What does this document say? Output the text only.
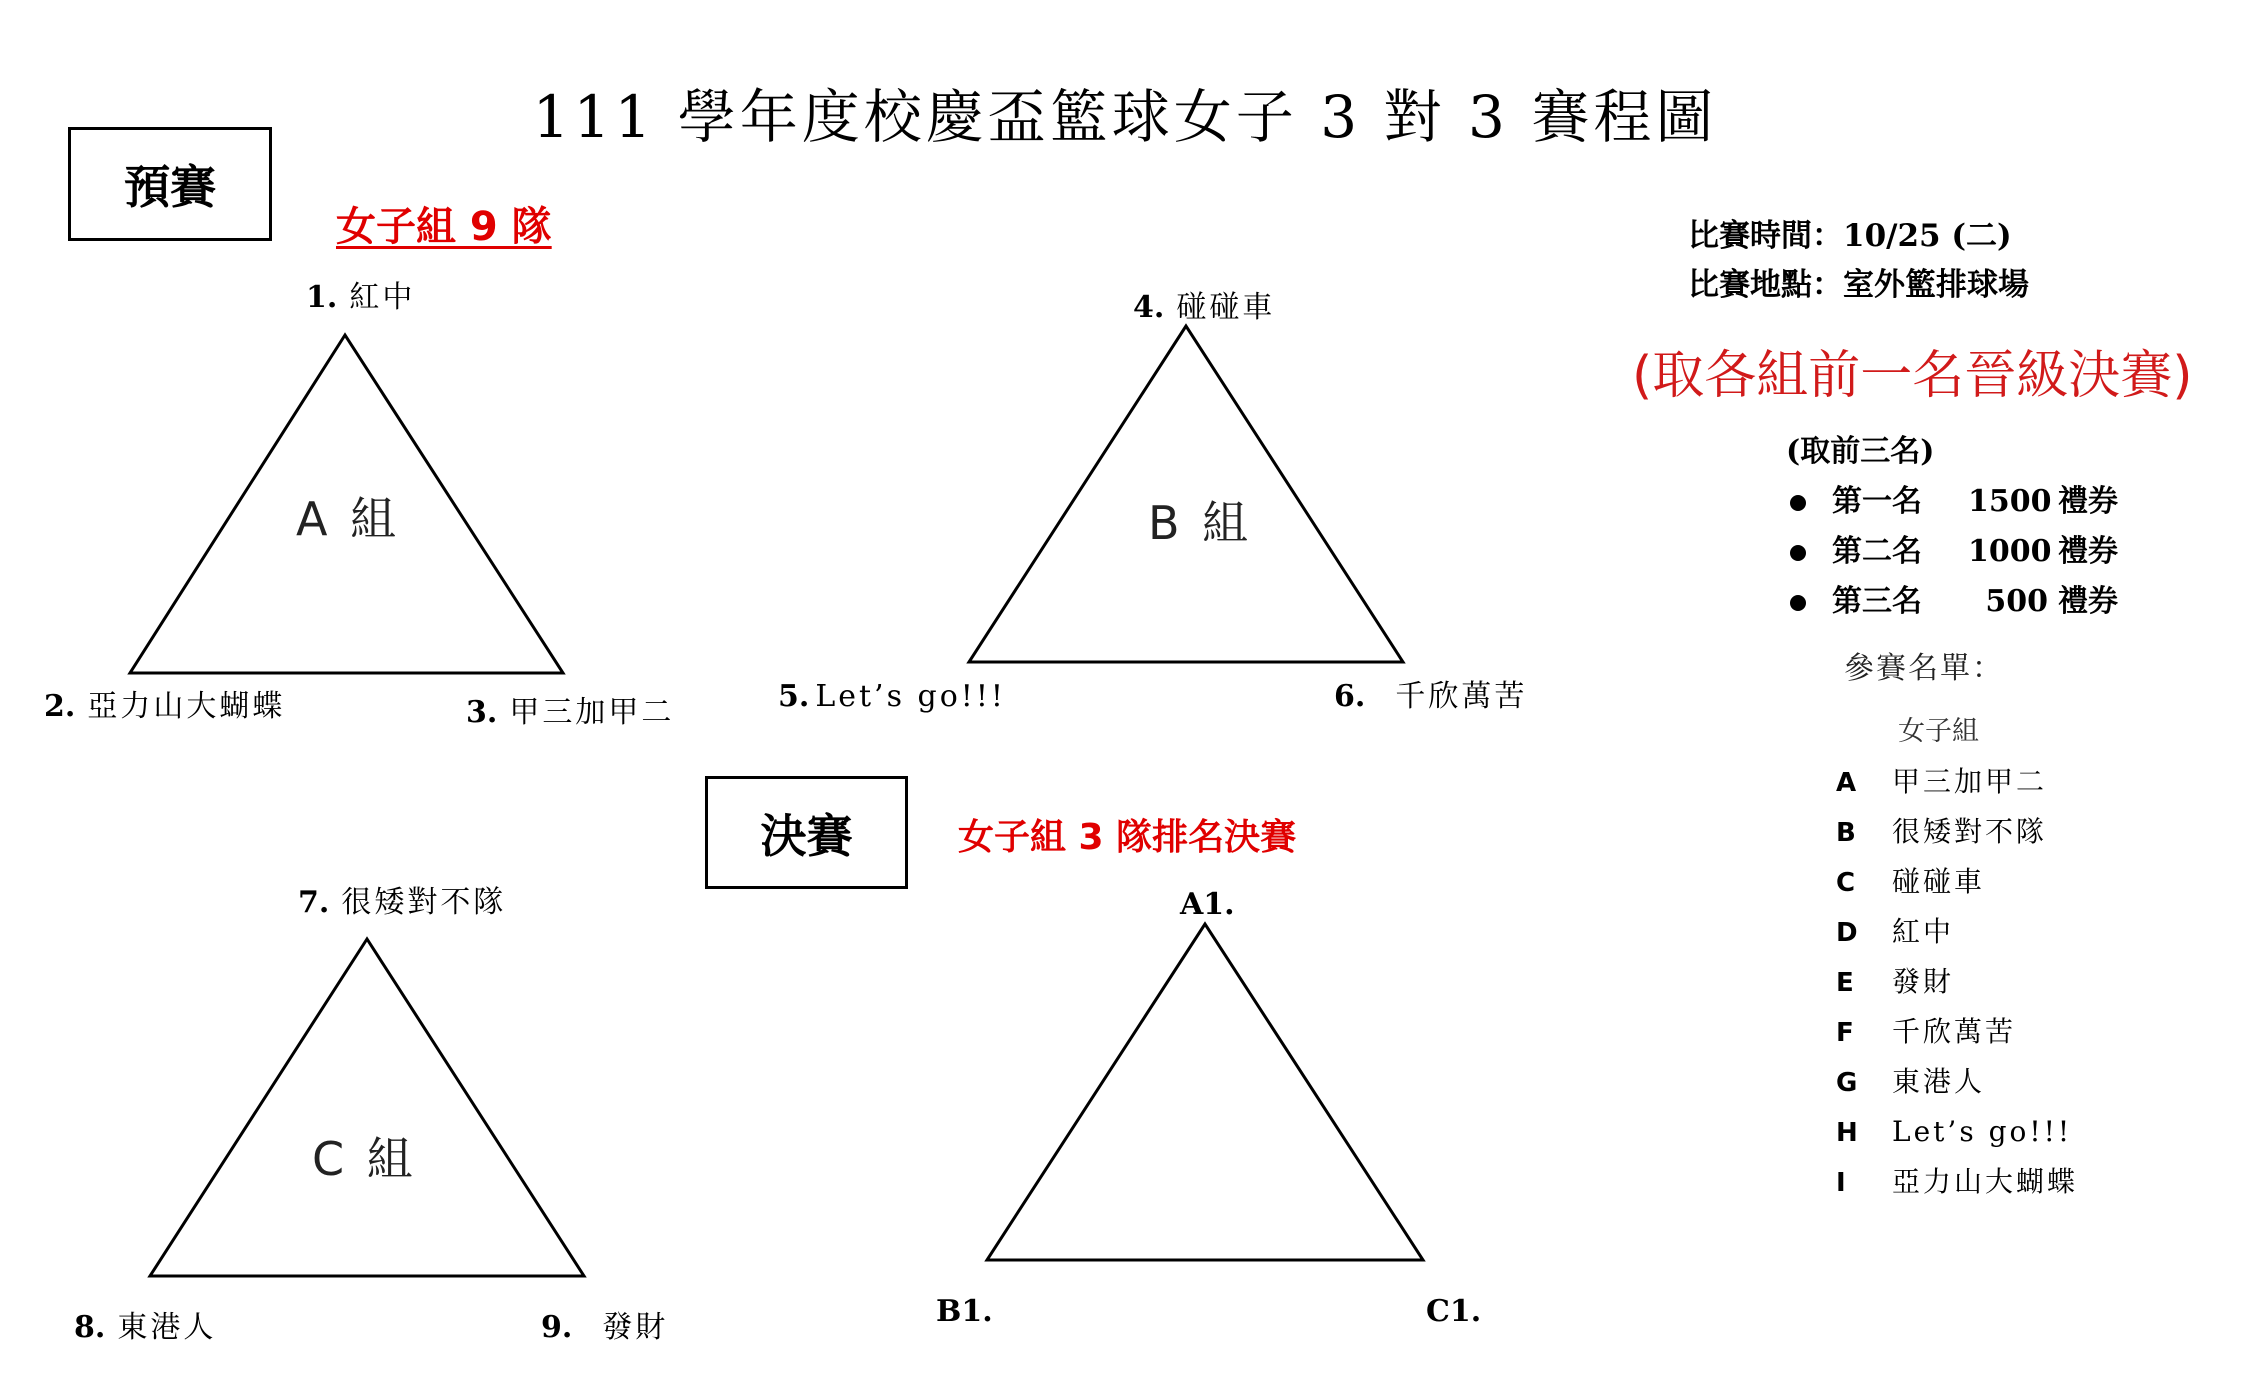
111 學年度校慶盃籃球女子 3 對 3 賽程圖
預賽
女子組 9 隊
A 組
1. 紅中
2. 亞力山大蝴蝶	3. 甲三加甲二
B 組
4. 碰碰車
5. Let’s go!!!	6. 千欣萬苦
決賽	女子組 3 隊排名決賽
C 組
7. 很矮對不隊
8. 東港人	9. 發財
A1.
B1.	C1.
比賽時間：10/25 (二)
比賽地點：室外籃排球場
(取各組前一名晉級決賽)
(取前三名)
第一名 1500 禮券
第二名 1000 禮券
第三名 500 禮券
參賽名單：
女子組
A 甲三加甲二
B 很矮對不隊
C 碰碰車
D 紅中
E 發財
F 千欣萬苦
G 東港人
H Let’s go!!!
I 亞力山大蝴蝶
